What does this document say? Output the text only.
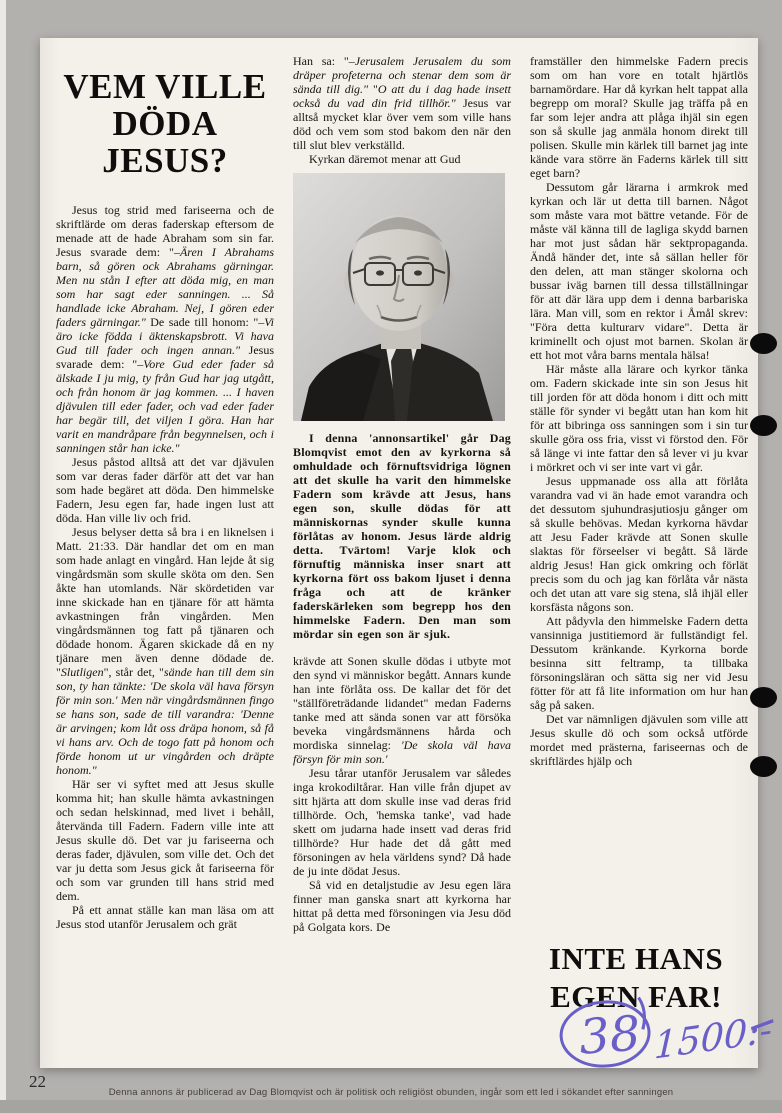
VEM VILLE
DÖDA JESUS?

Jesus tog strid med fariseerna och de skriftlärde om deras faderskap eftersom de menade att de hade Abraham som sin far. Jesus svarade dem: "–Ären I Abrahams barn, så gören ock Abrahams gärningar. Men nu stån I efter att döda mig, en man som har sagt eder sanningen. ... Så handlade icke Abraham. Nej, I gören eder faders gärningar." De sade till honom: "–Vi äro icke födda i äktenskapsbrott. Vi hava Gud till fader och ingen annan." Jesus svarade dem: "–Vore Gud eder fader så älskade I ju mig, ty från Gud har jag utgått, och från honom är jag kommen. ... I haven djävulen till eder fader, och vad eder fader har begär till, det viljen I göra. Han har varit en mandråpare från begynnelsen, och i sanningen står han icke."

Jesus påstod alltså att det var djävulen som var deras fader därför att det var han som hade begäret att döda. Den himmelske Fadern, Jesu egen far, hade ingen lust att döda. Han ville liv och frid.

Jesus belyser detta så bra i en liknelsen i Matt. 21:33. Där handlar det om en man som hade anlagt en vingård. Han lejde åt sig vingårdsmän som skulle sköta om den. Sen åkte han utomlands. När skördetiden var inne skickade han en tjänare för att hämta avkastningen från vingården. Men vingårdsmännen tog fatt på tjänaren och dödade honom. Ägaren skickade då en ny tjänare men även denne dödade de. "Slutligen", står det, "sände han till dem sin son, ty han tänkte: 'De skola väl hava försyn för min son.' Men när vingårdsmännen fingo se hans son, sade de till varandra: 'Denne är arvingen; kom låt oss dräpa honom, så få vi hans arv. Och de togo fatt på honom och förde honom ut ur vingården och dräpte honom."

Här ser vi syftet med att Jesus skulle komma hit; han skulle hämta avkastningen och sedan helskinnad, med livet i behåll, återvända till Fadern. Fadern ville inte att Jesus skulle dö. Det var ju fariseerna och deras fader, djävulen, som ville det. Och det var ju detta som Jesus gick åt fariseerna för och som var grunden till hans strid med dem.

På ett annat ställe kan man läsa om att Jesus stod utanför Jerusalem och grät

Han sa: "–Jerusalem Jerusalem du som dräper profeterna och stenar dem som är sända till dig." "O att du i dag hade insett också du vad din frid tillhör." Jesus var alltså mycket klar över vem som ville hans död och vem som stod bakom den när den till slut blev verkställd.

Kyrkan däremot menar att Gud

I denna 'annonsartikel' går Dag Blomqvist emot den av kyrkorna så omhuldade och förnuftsvidriga lögnen att det skulle ha varit den himmelske Fadern som krävde att Jesus, hans egen son, skulle dödas för att människornas synder skulle kunna förlåtas av honom. Jesus lärde aldrig detta. Tvärtom! Varje klok och förnuftig människa inser snart att kyrkorna fört oss bakom ljuset i denna fråga och att de kränker faderskärleken som begrepp hos den himmelske Fadern. Den man som mördar sin egen son är sjuk.

krävde att Sonen skulle dödas i utbyte mot den synd vi människor begått. Annars kunde han inte förlåta oss. De kallar det för det "ställföreträdande lidandet" medan Faderns tanke med att sända sonen var att försöka beveka vingårdsmännens hårda och mordiska sinnelag: 'De skola väl hava försyn för min son.'

Jesu tårar utanför Jerusalem var således inga krokodiltårar. Han ville från djupet av sitt hjärta att dom skulle inse vad deras frid tillhörde. Och, 'hemska tanke', vad hade skett om judarna hade insett vad deras frid tillhörde? Hur hade det då gått med försoningen av hela världens synd? Då hade de ju inte dödat Jesus.

Så vid en detaljstudie av Jesu egen lära finner man ganska snart att kyrkorna har hittat på detta med försoningen via Jesu död på Golgata kors. De

framställer den himmelske Fadern precis som om han vore en totalt hjärtlös barnamördare. Har då kyrkan helt tappat alla begrepp om moral? Skulle jag träffa på en far som lejer andra att plåga ihjäl sin egen son så skulle jag anmäla honom direkt till polisen. Skulle min kärlek till barnet jag inte kände vara större än Faderns kärlek till sitt eget barn?

Dessutom går lärarna i armkrok med kyrkan och lär ut detta till barnen. Något som måste vara mot bättre vetande. För de måste väl känna till de lagliga skydd barnen har mot just sådan här sektpropaganda. Ändå händer det, inte så sällan heller för den delen, att man stänger skolorna och bussar iväg barnen till dessa tillställningar för att där lära upp dem i denna barbariska lära. Man vill, som en rektor i Åmål skrev: "Föra detta kulturarv vidare". Detta är kriminellt och ojust mot barnen. Skolan är ett hot mot våra barns mentala hälsa!

Här måste alla lärare och kyrkor tänka om. Fadern skickade inte sin son Jesus hit till jorden för att döda honom i ditt och mitt ställe för synder vi begått utan han kom hit för att bibringa oss sanningen som i sin tur skulle göra oss fria, visst vi förstod den. För så länge vi inte fattar den så lever vi ju kvar i mörkret och vi ser inte vart vi går.

Jesus uppmanade oss alla att förlåta varandra vad vi än hade emot varandra och det dessutom sjuhundrasjutiosju gånger om så skulle behövas. Medan kyrkorna hävdar att Jesu Fader krävde att Sonen skulle slaktas för förseelser vi begått. Så lärde aldrig Jesus! Han gick omkring och förlät precis som du och jag kan förlåta vår nästa och det utan att vare sig stena, slå ihjäl eller korsfästa någons son.

Att pådyvla den himmelske Fadern detta vansinniga justitiemord är fullständigt fel. Dessutom kränkande. Kyrkorna borde besinna sitt feltramp, ta tillbaka försoningsläran och sätta sig ner vid Jesu fötter för att få lite information om hur han såg på saken.

Det var nämnligen djävulen som ville att Jesus skulle dö och som också utförde mordet med prästerna, fariseernas och de skriftlärdes hjälp och

INTE HANS
EGEN FAR!
38 1500:-
22
Denna annons är publicerad av Dag Blomqvist och är politisk och religiöst obunden, ingår som ett led i sökandet efter sanningen
